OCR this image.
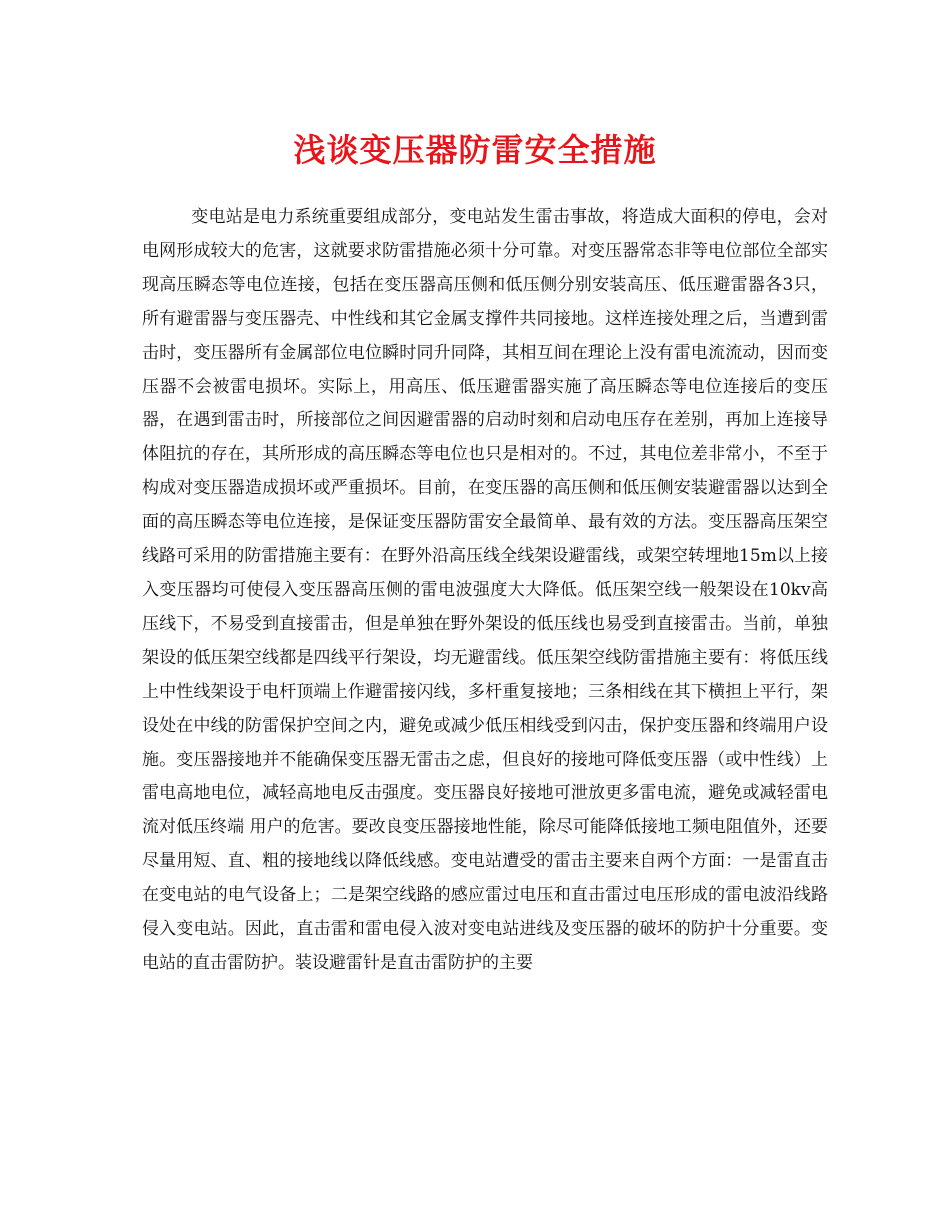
浅谈变压器防雷安全措施

变电站是电力系统重要组成部分，变电站发生雷击事故，将造成大面积的停电，会对电网形成较大的危害，这就要求防雷措施必须十分可靠。对变压器常态非等电位部位全部实现高压瞬态等电位连接，包括在变压器高压侧和低压侧分别安装高压、低压避雷器各3只，所有避雷器与变压器壳、中性线和其它金属支撑件共同接地。这样连接处理之后，当遭到雷击时，变压器所有金属部位电位瞬时同升同降，其相互间在理论上没有雷电流流动，因而变压器不会被雷电损坏。实际上，用高压、低压避雷器实施了高压瞬态等电位连接后的变压器，在遇到雷击时，所接部位之间因避雷器的启动时刻和启动电压存在差别，再加上连接导体阻抗的存在，其所形成的高压瞬态等电位也只是相对的。不过，其电位差非常小，不至于构成对变压器造成损坏或严重损坏。目前，在变压器的高压侧和低压侧安装避雷器以达到全面的高压瞬态等电位连接，是保证变压器防雷安全最简单、最有效的方法。变压器高压架空线路可采用的防雷措施主要有：在野外沿高压线全线架设避雷线，或架空转埋地15m以上接入变压器均可使侵入变压器高压侧的雷电波强度大大降低。低压架空线一般架设在10kv高压线下，不易受到直接雷击，但是单独在野外架设的低压线也易受到直接雷击。当前，单独架设的低压架空线都是四线平行架设，均无避雷线。低压架空线防雷措施主要有：将低压线上中性线架设于电杆顶端上作避雷接闪线，多杆重复接地；三条相线在其下横担上平行，架设处在中线的防雷保护空间之内，避免或减少低压相线受到闪击，保护变压器和终端用户设施。变压器接地并不能确保变压器无雷击之虑，但良好的接地可降低变压器（或中性线）上雷电高地电位，减轻高地电反击强度。变压器良好接地可泄放更多雷电流，避免或减轻雷电流对低压终端 用户的危害。要改良变压器接地性能，除尽可能降低接地工频电阻值外，还要尽量用短、直、粗的接地线以降低线感。变电站遭受的雷击主要来自两个方面：一是雷直击在变电站的电气设备上；二是架空线路的感应雷过电压和直击雷过电压形成的雷电波沿线路侵入变电站。因此，直击雷和雷电侵入波对变电站进线及变压器的破坏的防护十分重要。变电站的直击雷防护。装设避雷针是直击雷防护的主要
